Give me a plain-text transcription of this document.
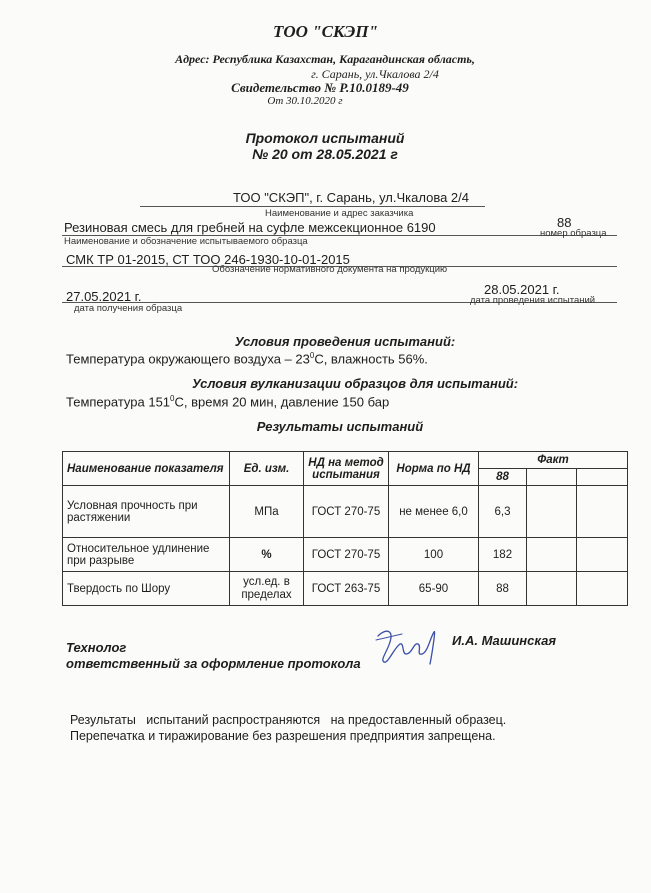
ТОО "СКЭП"
Адрес: Республика Казахстан, Карагандинская область,
г. Сарань, ул.Чкалова 2/4
Свидетельство № Р.10.0189-49
От 30.10.2020 г
Протокол испытаний
№ 20 от 28.05.2021 г
ТОО "СКЭП", г. Сарань, ул.Чкалова 2/4
Наименование и адрес заказчика
Резиновая смесь для гребней на суфле межсекционное 6190	88
Наименование и обозначение испытываемого образца
номер образца
СМК ТР 01-2015, СТ ТОО 246-1930-10-01-2015
Обозначение нормативного документа на продукцию
27.05.2021 г.	28.05.2021 г.
дата получения образца
дата проведения испытаний
Условия проведения испытаний:
Температура окружающего воздуха – $23^0С$, влажность 56%.
Условия вулканизации образцов для испытаний:
Температура $151^0С$, время 20 мин, давление 150 бар
Результаты испытаний
Наименование показателя	Ед. изм.	НД на метод испытания	Норма по НД	Факт		
				88		
Условная прочность при растяжении	МПа	ГОСТ 270-75	не менее 6,0	6,3		
Относительное удлинение при разрыве	%	ГОСТ 270-75	100	182		
Твердость по Шору	усл.ед. в пределах	ГОСТ 263-75	65-90	88		
Технолог
ответственный за оформление протокола
И.А. Машинская
Результаты   испытаний распространяются   на предоставленный образец.
Перепечатка и тиражирование без разрешения предприятия запрещена.
